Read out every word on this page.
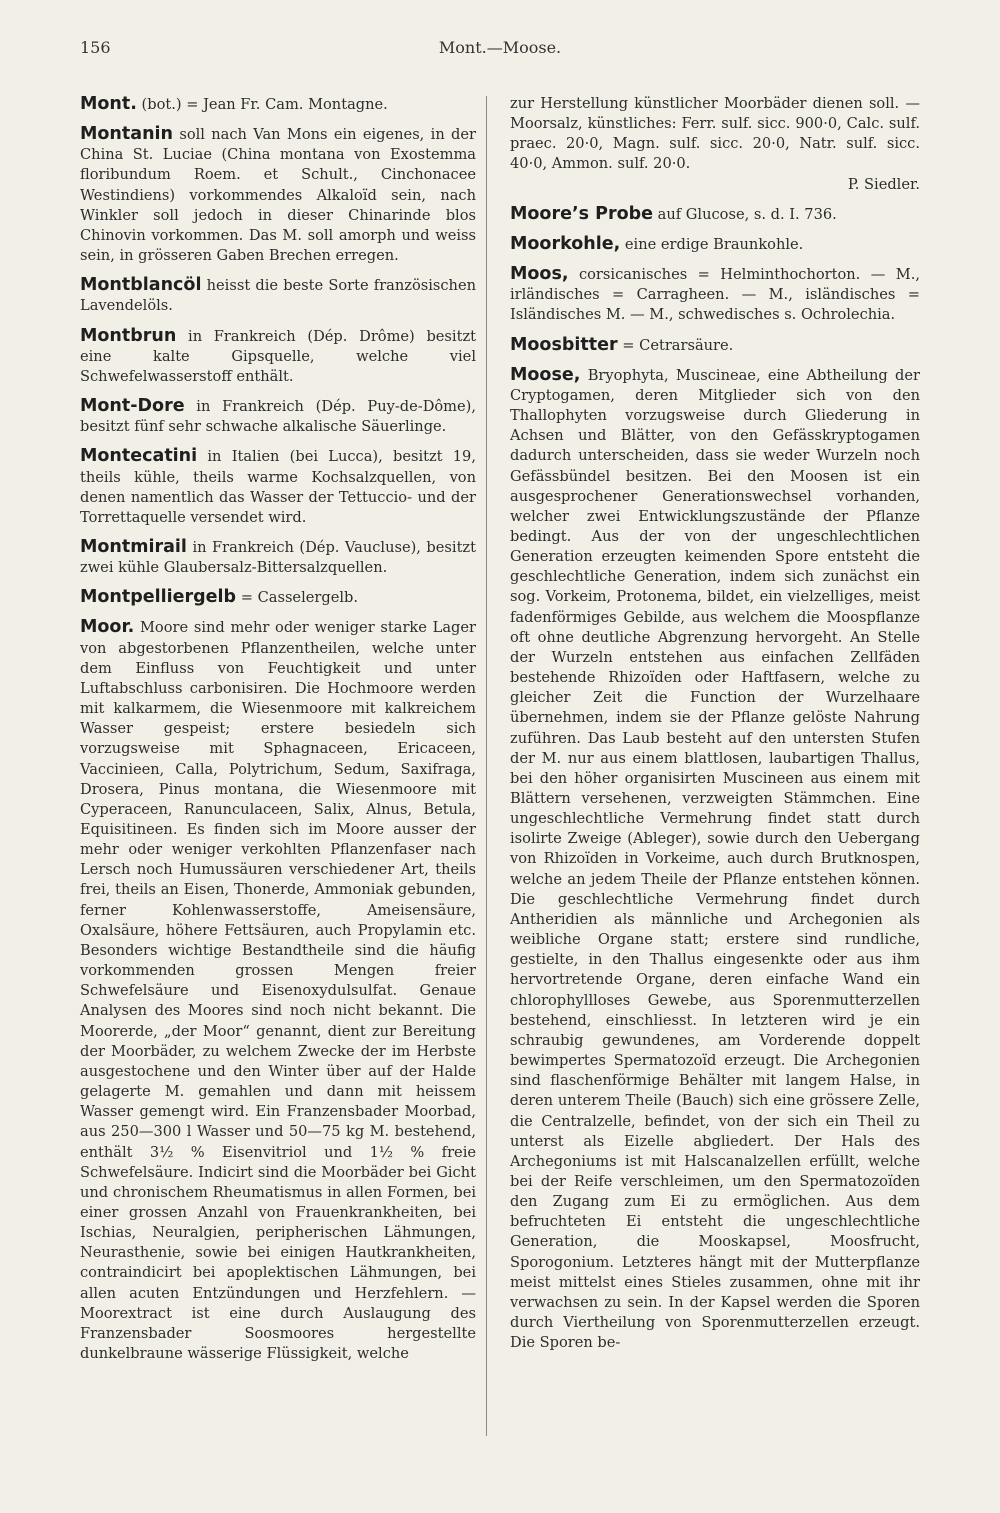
156	Mont.—Moose.

Mont. (bot.) = Jean Fr. Cam. Montagne.

Montanin soll nach Van Mons ein eigenes, in der China St. Luciae (China montana von Exostemma floribundum Roem. et Schult., Cinchonacee Westindiens) vorkommendes Alkaloïd sein, nach Winkler soll jedoch in dieser Chinarinde blos Chinovin vorkommen. Das M. soll amorph und weiss sein, in grösseren Gaben Brechen erregen.

Montblancöl heisst die beste Sorte französischen Lavendelöls.

Montbrun in Frankreich (Dép. Drôme) besitzt eine kalte Gipsquelle, welche viel Schwefelwasserstoff enthält.

Mont-Dore in Frankreich (Dép. Puy-de-Dôme), besitzt fünf sehr schwache alkalische Säuerlinge.

Montecatini in Italien (bei Lucca), besitzt 19, theils kühle, theils warme Kochsalzquellen, von denen namentlich das Wasser der Tettuccio- und der Torrettaquelle versendet wird.

Montmirail in Frankreich (Dép. Vaucluse), besitzt zwei kühle Glaubersalz-Bittersalzquellen.

Montpelliergelb = Casselergelb.

Moor. Moore sind mehr oder weniger starke Lager von abgestorbenen Pflanzentheilen, welche unter dem Einfluss von Feuchtigkeit und unter Luftabschluss carbonisiren. Die Hochmoore werden mit kalkarmem, die Wiesenmoore mit kalkreichem Wasser gespeist; erstere besiedeln sich vorzugsweise mit Sphagnaceen, Ericaceen, Vaccinieen, Calla, Polytrichum, Sedum, Saxifraga, Drosera, Pinus montana, die Wiesenmoore mit Cyperaceen, Ranunculaceen, Salix, Alnus, Betula, Equisitineen. Es finden sich im Moore ausser der mehr oder weniger verkohlten Pflanzenfaser nach Lersch noch Humussäuren verschiedener Art, theils frei, theils an Eisen, Thonerde, Ammoniak gebunden, ferner Kohlenwasserstoffe, Ameisensäure, Oxalsäure, höhere Fettsäuren, auch Propylamin etc. Besonders wichtige Bestandtheile sind die häufig vorkommenden grossen Mengen freier Schwefelsäure und Eisenoxydulsulfat. Genaue Analysen des Moores sind noch nicht bekannt. Die Moorerde, „der Moor“ genannt, dient zur Bereitung der Moorbäder, zu welchem Zwecke der im Herbste ausgestochene und den Winter über auf der Halde gelagerte M. gemahlen und dann mit heissem Wasser gemengt wird. Ein Franzensbader Moorbad, aus 250—300 l Wasser und 50—75 kg M. bestehend, enthält 3½ % Eisenvitriol und 1½ % freie Schwefelsäure. Indicirt sind die Moorbäder bei Gicht und chronischem Rheumatismus in allen Formen, bei einer grossen Anzahl von Frauenkrankheiten, bei Ischias, Neuralgien, peripherischen Lähmungen, Neurasthenie, sowie bei einigen Hautkrankheiten, contraindicirt bei apoplektischen Lähmungen, bei allen acuten Entzündungen und Herzfehlern. — Moorextract ist eine durch Auslaugung des Franzensbader Soosmoores hergestellte dunkelbraune wässerige Flüssigkeit, welche

zur Herstellung künstlicher Moorbäder dienen soll. — Moorsalz, künstliches: Ferr. sulf. sicc. 900·0, Calc. sulf. praec. 20·0, Magn. sulf. sicc. 20·0, Natr. sulf. sicc. 40·0, Ammon. sulf. 20·0.

P. Siedler.

Moore’s Probe auf Glucose, s. d. I. 736.

Moorkohle, eine erdige Braunkohle.

Moos, corsicanisches = Helminthochorton. — M., irländisches = Carragheen. — M., isländisches = Isländisches M. — M., schwedisches s. Ochrolechia.

Moosbitter = Cetrarsäure.

Moose, Bryophyta, Muscineae, eine Abtheilung der Cryptogamen, deren Mitglieder sich von den Thallophyten vorzugsweise durch Gliederung in Achsen und Blätter, von den Gefässkryptogamen dadurch unterscheiden, dass sie weder Wurzeln noch Gefässbündel besitzen. Bei den Moosen ist ein ausgesprochener Generationswechsel vorhanden, welcher zwei Entwicklungszustände der Pflanze bedingt. Aus der von der ungeschlechtlichen Generation erzeugten keimenden Spore entsteht die geschlechtliche Generation, indem sich zunächst ein sog. Vorkeim, Protonema, bildet, ein vielzelliges, meist fadenförmiges Gebilde, aus welchem die Moospflanze oft ohne deutliche Abgrenzung hervorgeht. An Stelle der Wurzeln entstehen aus einfachen Zellfäden bestehende Rhizoïden oder Haftfasern, welche zu gleicher Zeit die Function der Wurzelhaare übernehmen, indem sie der Pflanze gelöste Nahrung zuführen. Das Laub besteht auf den untersten Stufen der M. nur aus einem blattlosen, laubartigen Thallus, bei den höher organisirten Muscineen aus einem mit Blättern versehenen, verzweigten Stämmchen. Eine ungeschlechtliche Vermehrung findet statt durch isolirte Zweige (Ableger), sowie durch den Uebergang von Rhizoïden in Vorkeime, auch durch Brutknospen, welche an jedem Theile der Pflanze entstehen können. Die geschlechtliche Vermehrung findet durch Antheridien als männliche und Archegonien als weibliche Organe statt; erstere sind rundliche, gestielte, in den Thallus eingesenkte oder aus ihm hervortretende Organe, deren einfache Wand ein chlorophyllloses Gewebe, aus Sporenmutterzellen bestehend, einschliesst. In letzteren wird je ein schraubig gewundenes, am Vorderende doppelt bewimpertes Spermatozoïd erzeugt. Die Archegonien sind flaschenförmige Behälter mit langem Halse, in deren unterem Theile (Bauch) sich eine grössere Zelle, die Centralzelle, befindet, von der sich ein Theil zu unterst als Eizelle abgliedert. Der Hals des Archegoniums ist mit Halscanalzellen erfüllt, welche bei der Reife verschleimen, um den Spermatozoïden den Zugang zum Ei zu ermöglichen. Aus dem befruchteten Ei entsteht die ungeschlechtliche Generation, die Mooskapsel, Moosfrucht, Sporogonium. Letzteres hängt mit der Mutterpflanze meist mittelst eines Stieles zusammen, ohne mit ihr verwachsen zu sein. In der Kapsel werden die Sporen durch Viertheilung von Sporenmutterzellen erzeugt. Die Sporen be-
